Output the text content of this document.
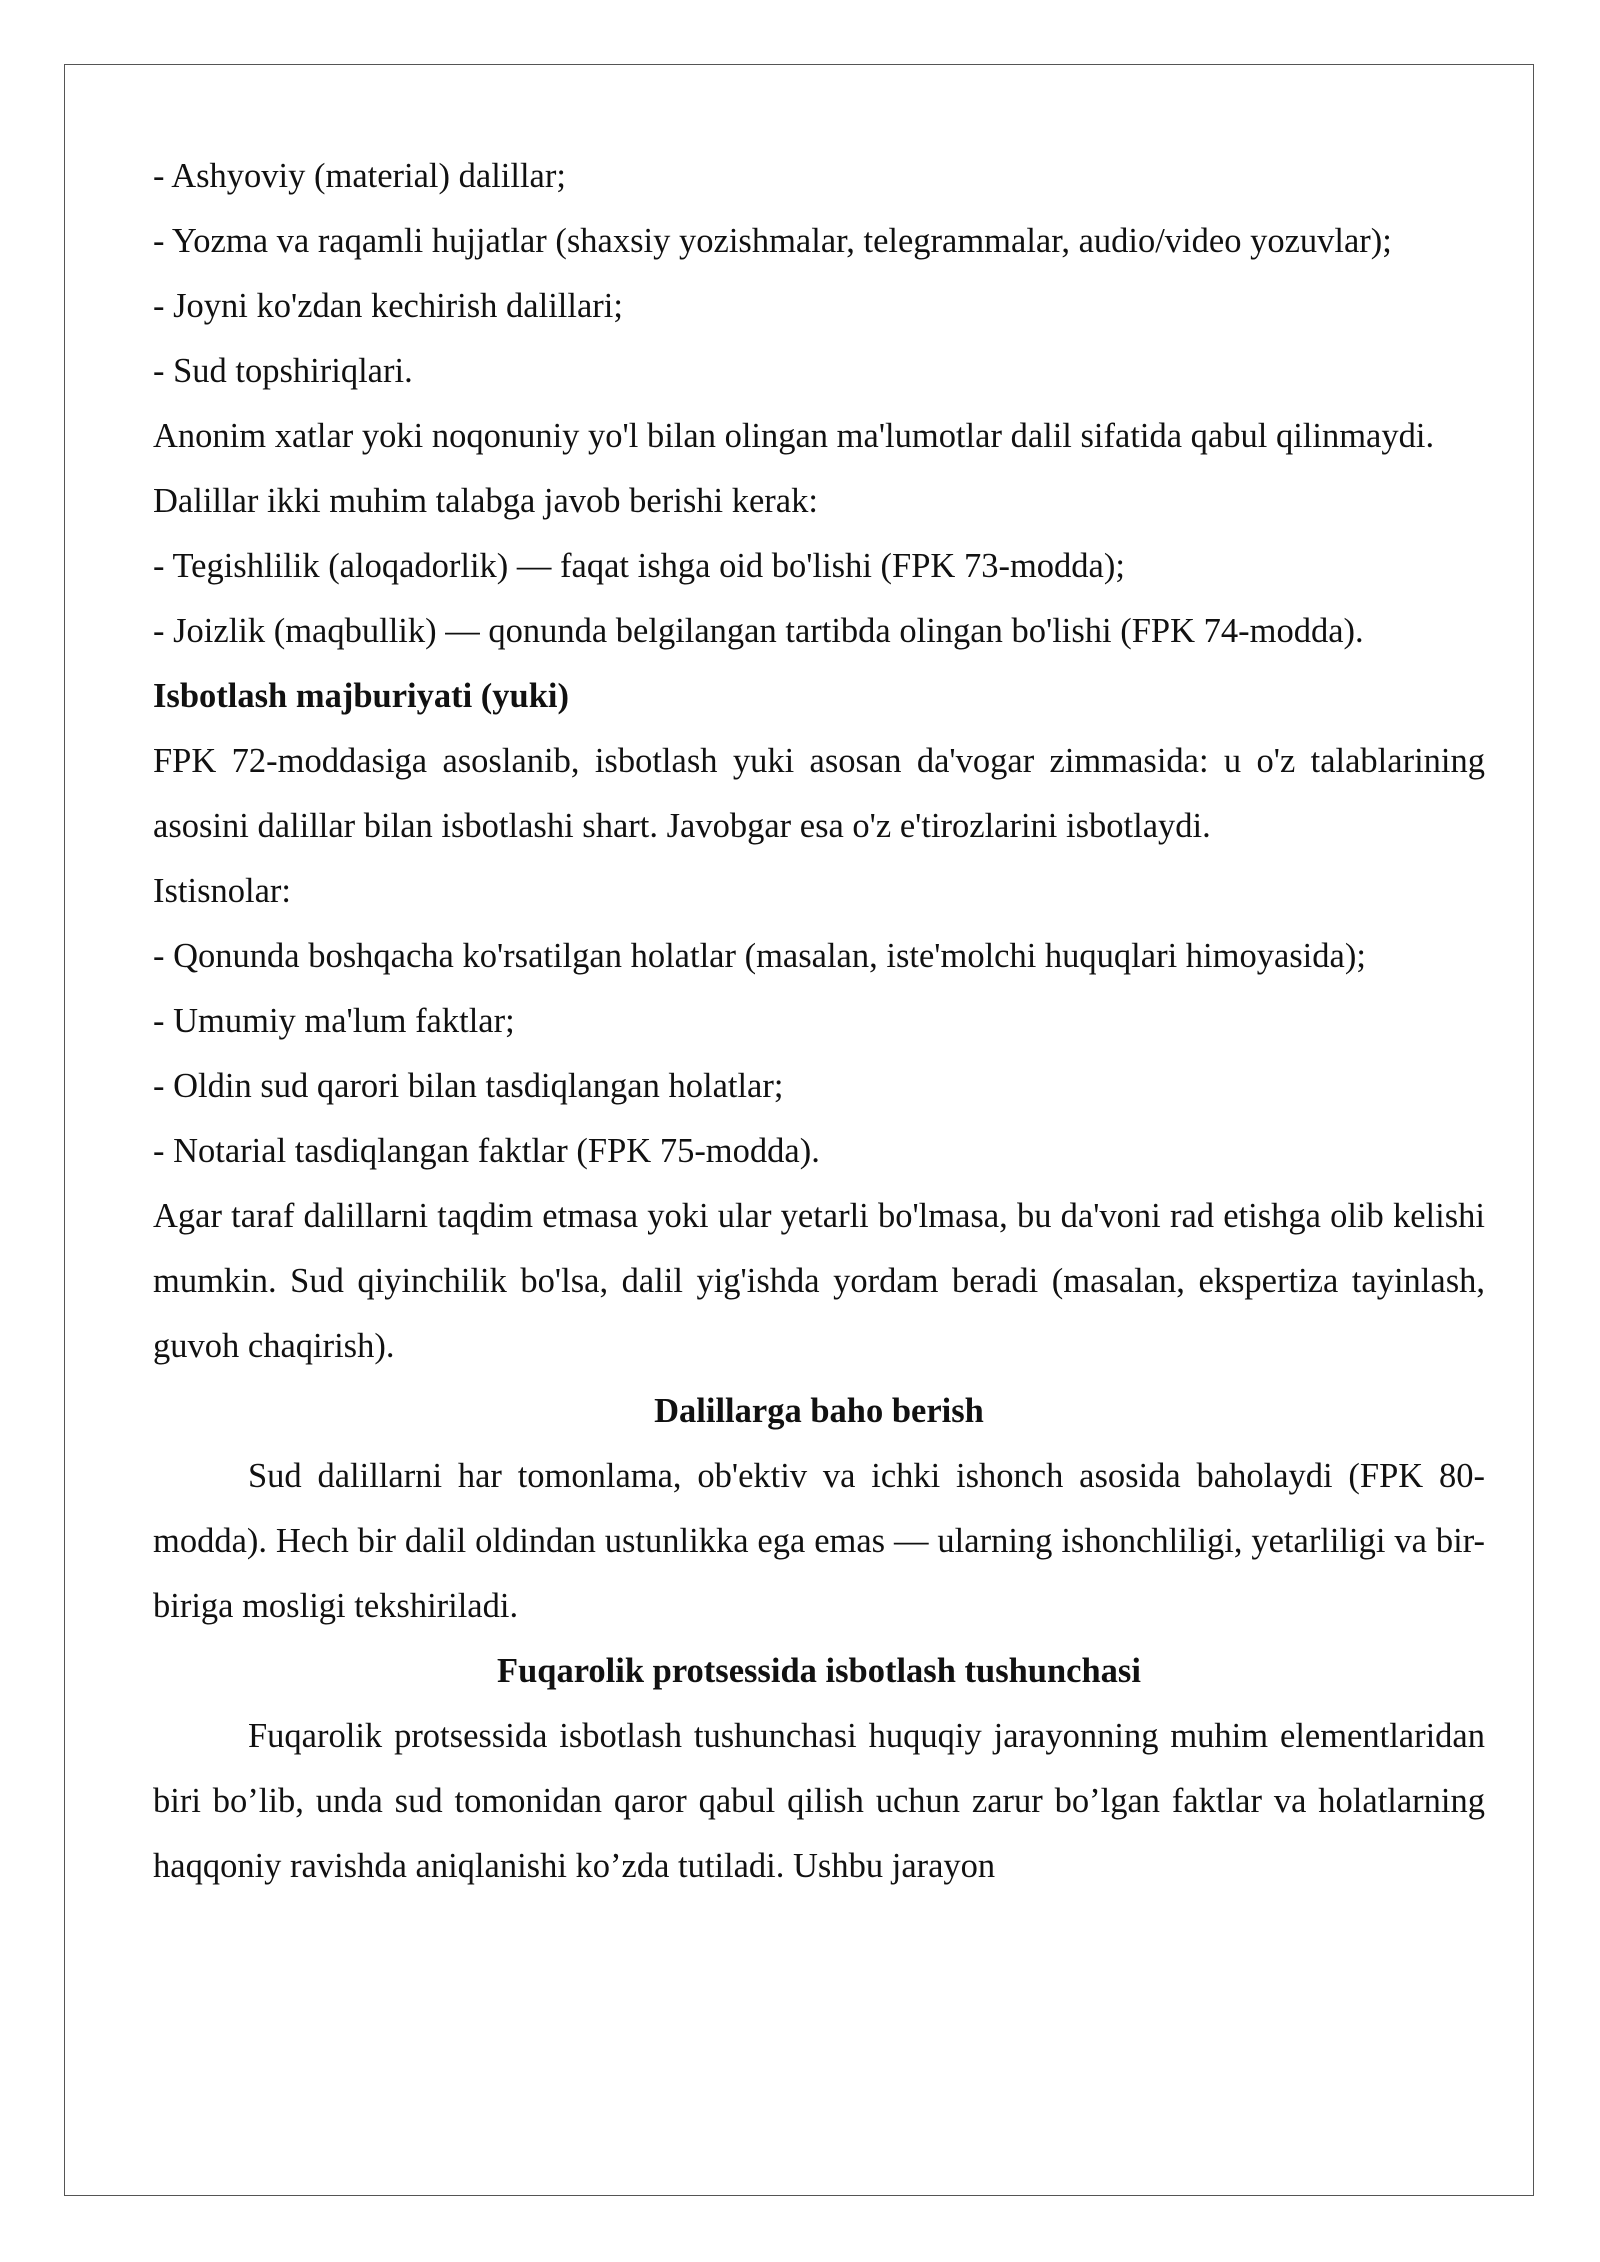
- Ashyoviy (material) dalillar;
- Yozma va raqamli hujjatlar (shaxsiy yozishmalar, telegrammalar, audio/video yozuvlar);
- Joyni ko'zdan kechirish dalillari;
- Sud topshiriqlari.
Anonim xatlar yoki noqonuniy yo'l bilan olingan ma'lumotlar dalil sifatida qabul qilinmaydi.
Dalillar ikki muhim talabga javob berishi kerak:
- Tegishlilik (aloqadorlik) — faqat ishga oid bo'lishi (FPK 73-modda);
- Joizlik (maqbullik) — qonunda belgilangan tartibda olingan bo'lishi (FPK 74-modda).
Isbotlash majburiyati (yuki)
FPK 72-moddasiga asoslanib, isbotlash yuki asosan da'vogar zimmasida: u o'z talablarining asosini dalillar bilan isbotlashi shart. Javobgar esa o'z e'tirozlarini isbotlaydi.
Istisnolar:
- Qonunda boshqacha ko'rsatilgan holatlar (masalan, iste'molchi huquqlari himoyasida);
- Umumiy ma'lum faktlar;
- Oldin sud qarori bilan tasdiqlangan holatlar;
- Notarial tasdiqlangan faktlar (FPK 75-modda).
Agar taraf dalillarni taqdim etmasa yoki ular yetarli bo'lmasa, bu da'voni rad etishga olib kelishi mumkin. Sud qiyinchilik bo'lsa, dalil yig'ishda yordam beradi (masalan, ekspertiza tayinlash, guvoh chaqirish).
Dalillarga baho berish
Sud dalillarni har tomonlama, ob'ektiv va ichki ishonch asosida baholaydi (FPK 80-modda). Hech bir dalil oldindan ustunlikka ega emas — ularning ishonchliligi, yetarliligi va bir-biriga mosligi tekshiriladi.
Fuqarolik protsessida isbotlash tushunchasi
Fuqarolik protsessida isbotlash tushunchasi huquqiy jarayonning muhim elementlaridan biri bo’lib, unda sud tomonidan qaror qabul qilish uchun zarur bo’lgan faktlar va holatlarning haqqoniy ravishda aniqlanishi ko’zda tutiladi. Ushbu jarayon
